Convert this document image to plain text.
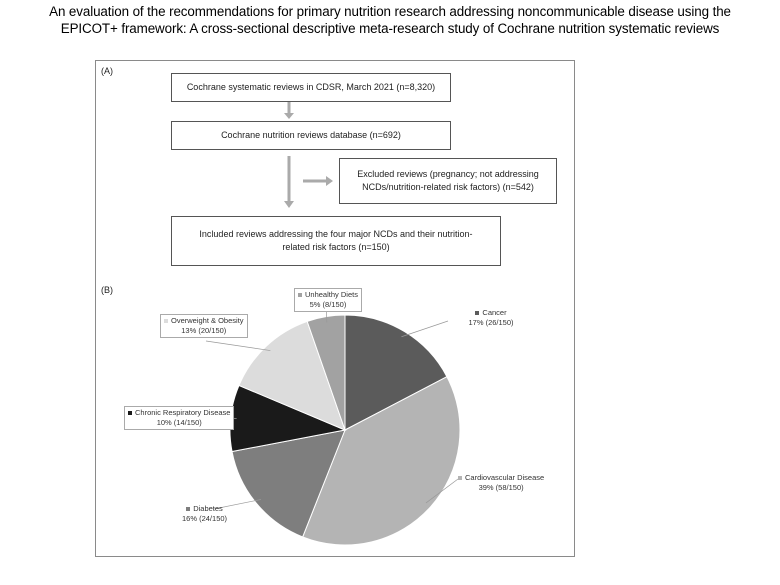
An evaluation of the recommendations for primary nutrition research addressing noncommunicable disease using the
EPICOT+ framework: A cross-sectional descriptive meta-research study of Cochrane nutrition systematic reviews
(A)
Cochrane systematic reviews in CDSR, March 2021 (n=8,320)
Cochrane nutrition reviews database (n=692)
Excluded reviews (pregnancy; not addressing
NCDs/nutrition-related risk factors) (n=542)
Included reviews addressing the four major NCDs and their nutrition-
related risk factors (n=150)
(B)	Unhealthy Diets
5% (8/150)
Cancer
17% (26/150)
Overweight & Obesity
13% (20/150)
Chronic Respiratory Disease
10% (14/150)
Cardiovascular Disease
39% (58/150)
Diabetes
16% (24/150)
